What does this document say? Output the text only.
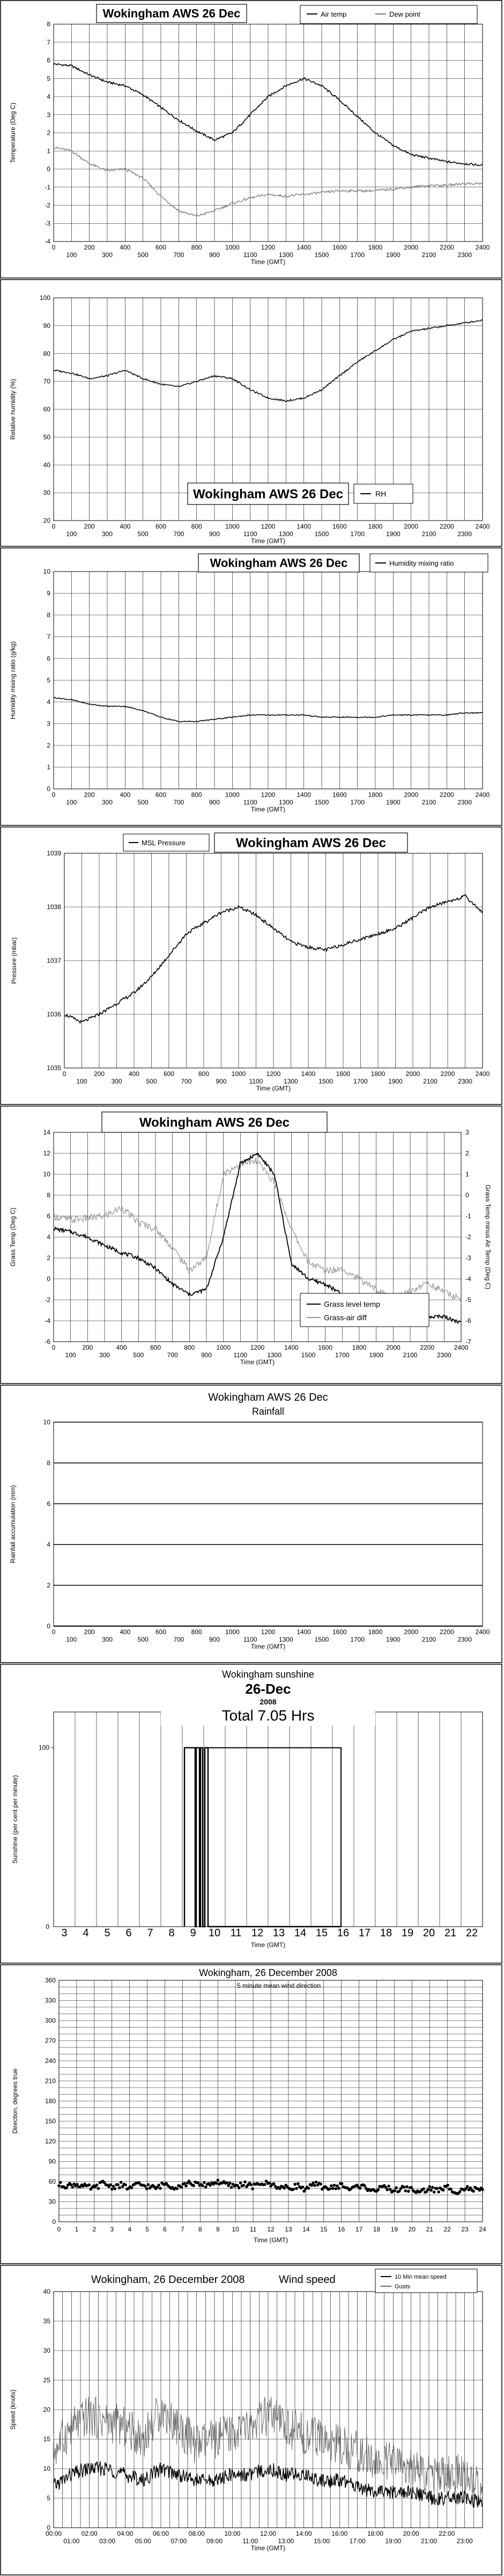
-4
-3
-2
-1
0
1
2
3
4
5
6
7
8
0	200	400	600	800	1000	1200	1400	1600	1800	2000	2200	2400
100	300	500	700	900	1100	1300	1500	1700	1900	2100	2300
Time (GMT)
Temperature (Deg C)
Wokingham AWS 26 Dec	Air temp	Dew point
20
30
40
50
60
70
80
90
100
0	200	400	600	800	1000	1200	1400	1600	1800	2000	2200	2400
100	300	500	700	900	1100	1300	1500	1700	1900	2100	2300
Time (GMT)
Relative humidity (%)
Wokingham AWS 26 Dec	RH
0
1
2
3
4
5
6
7
8
9
10
0	200	400	600	800	1000	1200	1400	1600	1800	2000	2200	2400
100	300	500	700	900	1100	1300	1500	1700	1900	2100	2300
Time (GMT)
Humidity mixing ratio (g/kg)
Wokingham AWS 26 Dec	Humidity mixing ratio
1035
1036
1037
1038
1039
0	200	400	600	800	1000	1200	1400	1600	1800	2000	2200	2400
100	300	500	700	900	1100	1300	1500	1700	1900	2100	2300
Time (GMT)
Pressure (mbar)
Wokingham AWS 26 Dec
MSL Pressure
-6
-4
-2
0
2
4
6
8
10
12
14
-7
-6
-5
-4
-3
-2
-1
0
1
2
3
0	200	400	600	800	1000	1200	1400	1600	1800	2000	2200	2400
100	300	500	700	900	1100	1300	1500	1700	1900	2100	2300
Time (GMT)
Grass Temp (Deg C)	Grass Temp minus Air Temp (Deg C)
Wokingham AWS 26 Dec
Grass level temp
Grass-air diff
0
2
4
6
8
10
0	200	400	600	800	1000	1200	1400	1600	1800	2000	2200	2400
100	300	500	700	900	1100	1300	1500	1700	1900	2100	2300
Time (GMT)
Rainfall accumulation (mm)
Wokingham AWS 26 Dec
Rainfall
3 4 5 6 7 8 9 10 11 12 13 14 15 16 17 18 19 20 21 22
Time (GMT)
Sunshine (per cent per minute)
100
0
Wokingham sunshine
26-Dec
2008
Total 7.05 Hrs
0
30
60
90
120
150
180
210
240
270
300
330
360
0 1 2 3 4 5 6 7 8 9 10 11 12 13 14 15 16 17 18 19 20 21 22 23 24
Time (GMT)
Direction, degrees true
Wokingham, 26 December 2008
5 minute mean wind direction
0
5
10
15
20
25
30
35
40
00:00	02:00	04:00	06:00	08:00	10:00	12:00	14:00	16:00	18:00	20:00	22:00
01:00	03:00	05:00	07:00	09:00	11:00	13:00	15:00	17:00	19:00	21:00	23:00
Time (GMT)
Speed (knots)
Wokingham, 26 December 2008	Wind speed	10 Min mean speed
Gusts
